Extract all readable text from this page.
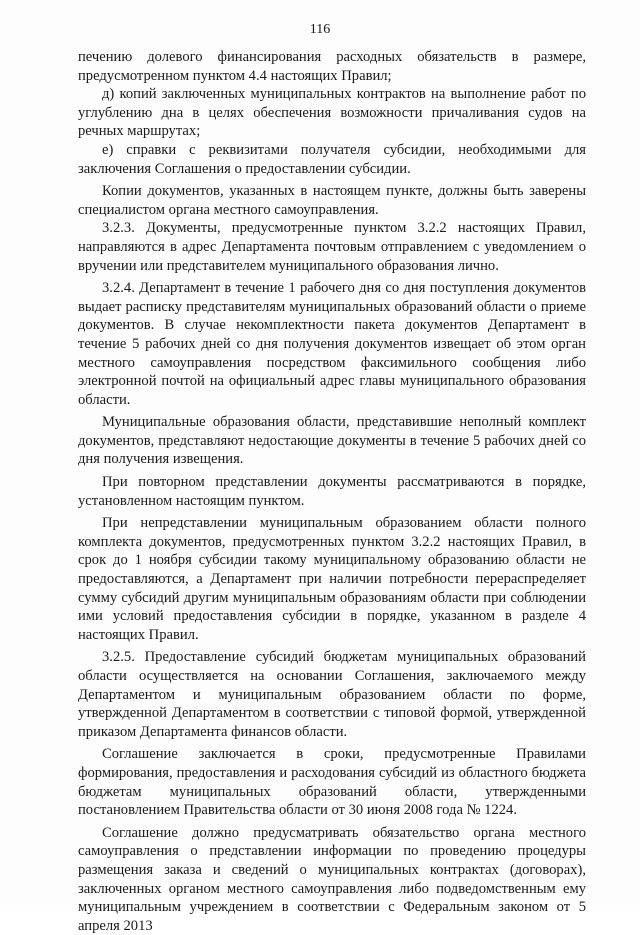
116

печению долевого финансирования расходных обязательств в размере, предусмотренном пунктом 4.4 настоящих Правил;

д) копий заключенных муниципальных контрактов на выполнение работ по углублению дна в целях обеспечения возможности причаливания судов на речных маршрутах;

е) справки с реквизитами получателя субсидии, необходимыми для заключения Соглашения о предоставлении субсидии.

Копии документов, указанных в настоящем пункте, должны быть заверены специалистом органа местного самоуправления.

3.2.3. Документы, предусмотренные пунктом 3.2.2 настоящих Правил, направляются в адрес Департамента почтовым отправлением с уведомлением о вручении или представителем муниципального образования лично.

3.2.4. Департамент в течение 1 рабочего дня со дня поступления документов выдает расписку представителям муниципальных образований области о приеме документов. В случае некомплектности пакета документов Департамент в течение 5 рабочих дней со дня получения документов извещает об этом орган местного самоуправления посредством факсимильного сообщения либо электронной почтой на официальный адрес главы муниципального образования области.

Муниципальные образования области, представившие неполный комплект документов, представляют недостающие документы в течение 5 рабочих дней со дня получения извещения.

При повторном представлении документы рассматриваются в порядке, установленном настоящим пунктом.

При непредставлении муниципальным образованием области полного комплекта документов, предусмотренных пунктом 3.2.2 настоящих Правил, в срок до 1 ноября субсидии такому муниципальному образованию области не предоставляются, а Департамент при наличии потребности перераспределяет сумму субсидий другим муниципальным образованиям области при соблюдении ими условий предоставления субсидии в порядке, указанном в разделе 4 настоящих Правил.

3.2.5. Предоставление субсидий бюджетам муниципальных образований области осуществляется на основании Соглашения, заключаемого между Департаментом и муниципальным образованием области по форме, утвержденной Департаментом в соответствии с типовой формой, утвержденной приказом Департамента финансов области.

Соглашение заключается в сроки, предусмотренные Правилами формирования, предоставления и расходования субсидий из областного бюджета бюджетам муниципальных образований области, утвержденными постановлением Правительства области от 30 июня 2008 года № 1224.

Соглашение должно предусматривать обязательство органа местного самоуправления о представлении информации по проведению процедуры размещения заказа и сведений о муниципальных контрактах (договорах), заключенных органом местного самоуправления либо подведомственным ему муниципальным учреждением в соответствии с Федеральным законом от 5 апреля 2013
